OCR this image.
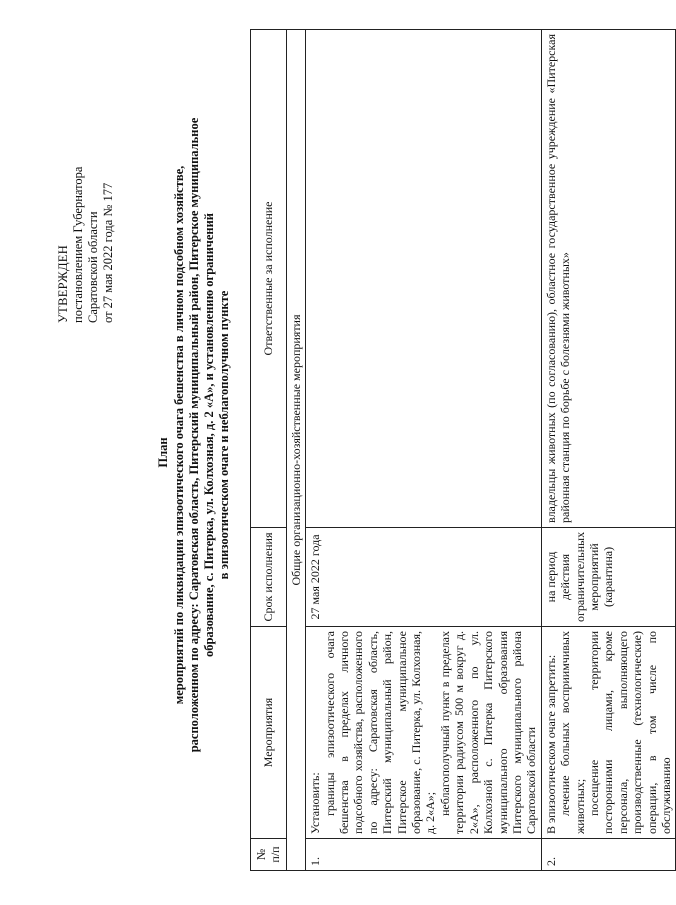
УТВЕРЖДЕН постановлением Губернатора Саратовской области от 27 мая 2022 года № 177
План мероприятий по ликвидации эпизоотического очага бешенства в личном подсобном хозяйстве, расположенном по адресу: Саратовская область, Питерский муниципальный район, Питерское муниципальное образование, с. Питерка, ул. Колхозная, д. 2 «А», и установлению ограничений в эпизоотическом очаге и неблагополучном пункте
№ п/п	Мероприятия	Срок исполнения	Ответственные за исполнение
Общие организационно-хозяйственные мероприятия			
1.	Установить: границы эпизоотического очага бешенства в пределах личного подсобного хозяйства, расположенного по адресу: Саратовская область, Питерский муниципальный район, Питерское муниципальное образование, с. Питерка, ул. Колхозная, д. 2«А»; неблагополучный пункт в пределах территории радиусом 500 м вокруг д. 2«А», расположенного по ул. Колхозной с. Питерка Питерского муниципального образования Питерского муниципального района Саратовской области	27 мая 2022 года	
2.	В эпизоотическом очаге запретить: лечение больных восприимчивых животных; посещение территории посторонними лицами, кроме персонала, выполняющего производственные (технологические) операции, в том числе по обслуживанию	на период действия ограничительных мероприятий (карантина)	владельцы животных (по согласованию), областное государственное учреждение «Питерская районная станция по борьбе с болезнями животных»
